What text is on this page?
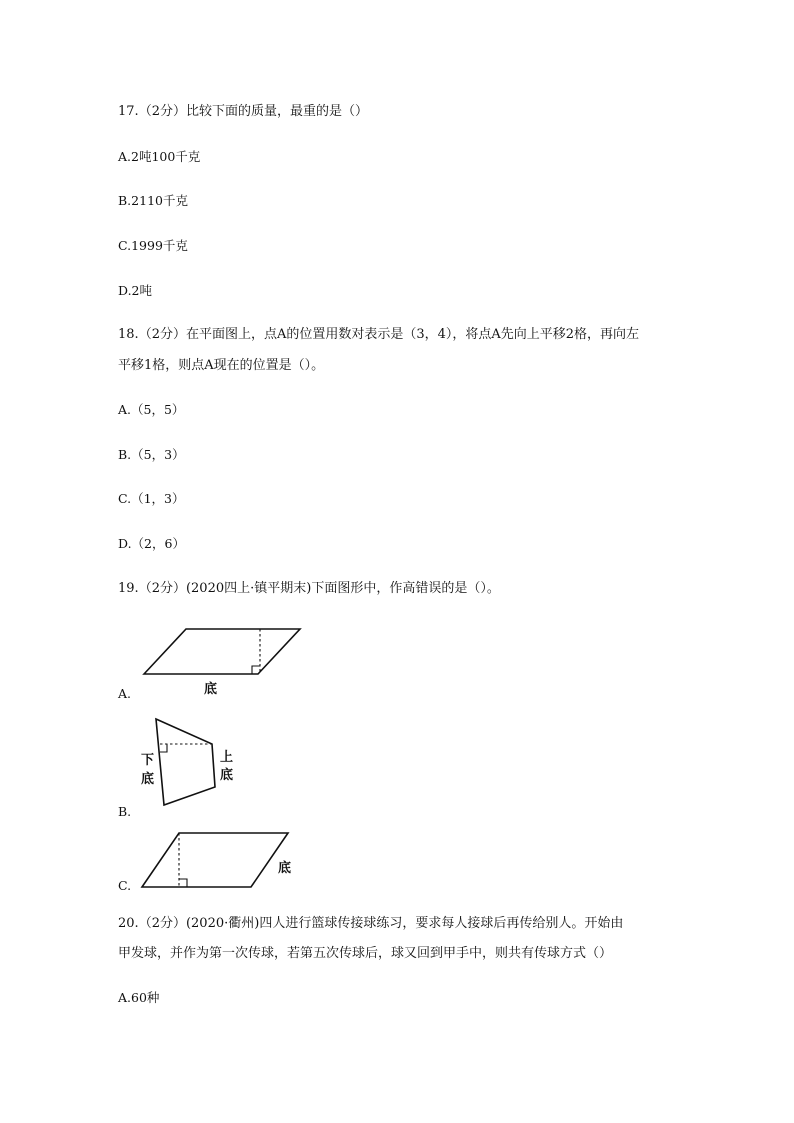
17.（2分）比较下面的质量，最重的是（）
A.2吨100千克
B.2110千克
C.1999千克
D.2吨
18.（2分）在平面图上，点A的位置用数对表示是（3，4），将点A先向上平移2格，再向左
平移1格，则点A现在的位置是（）。
A.（5，5）
B.（5，3）
C.（1，3）
D.（2，6）
19.（2分）(2020四上·镇平期末)下面图形中，作高错误的是（）。
底
A.
下
底
上
底
B.
底
C.
20.（2分）(2020·衢州)四人进行篮球传接球练习，要求每人接球后再传给别人。开始由
甲发球，并作为第一次传球，若第五次传球后，球又回到甲手中，则共有传球方式（）
A.60种
